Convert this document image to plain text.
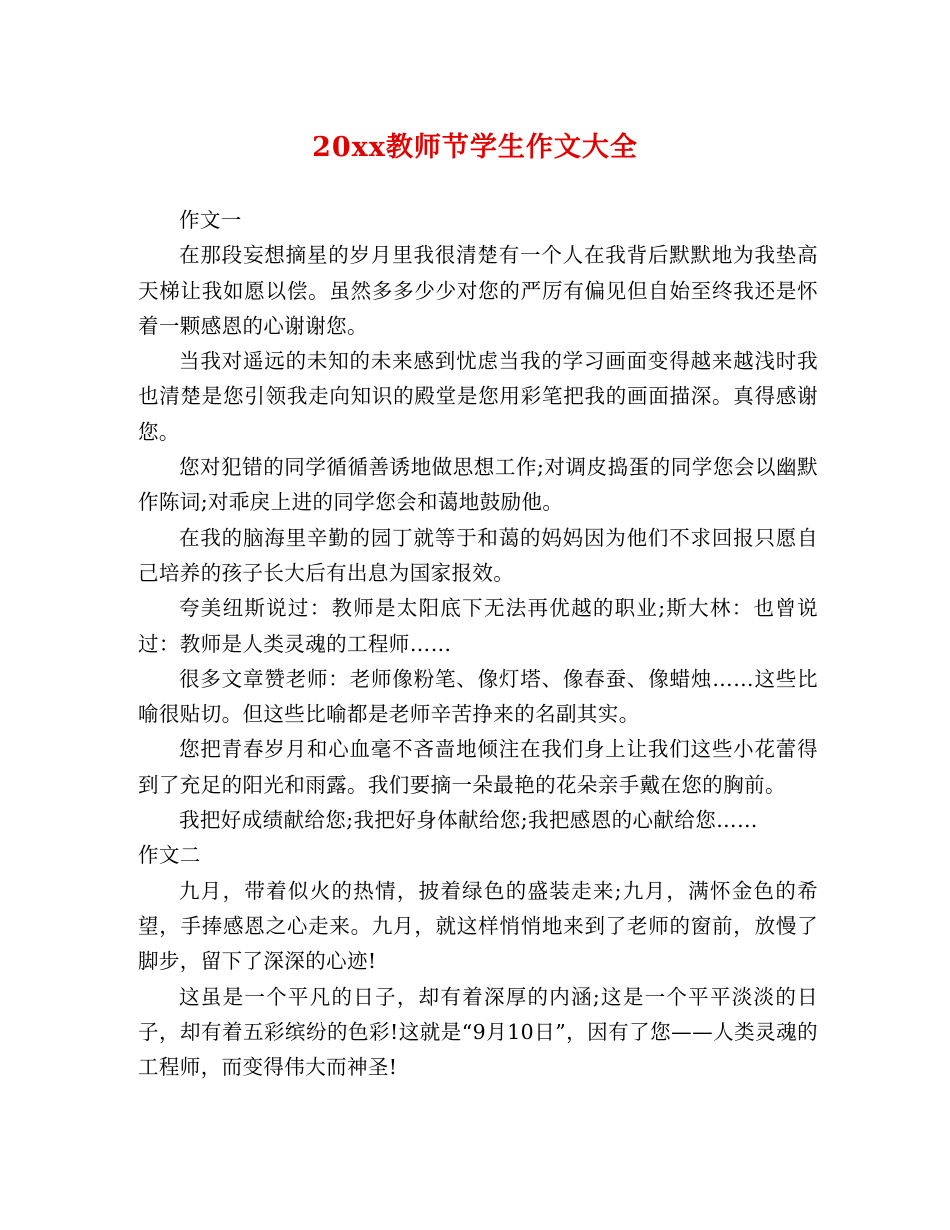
20xx教师节学生作文大全

作文一

在那段妄想摘星的岁月里我很清楚有一个人在我背后默默地为我垫高天梯让我如愿以偿。虽然多多少少对您的严厉有偏见但自始至终我还是怀着一颗感恩的心谢谢您。

当我对遥远的未知的未来感到忧虑当我的学习画面变得越来越浅时我也清楚是您引领我走向知识的殿堂是您用彩笔把我的画面描深。真得感谢您。

您对犯错的同学循循善诱地做思想工作;对调皮捣蛋的同学您会以幽默作陈词;对乖戾上进的同学您会和蔼地鼓励他。

在我的脑海里辛勤的园丁就等于和蔼的妈妈因为他们不求回报只愿自己培养的孩子长大后有出息为国家报效。

夸美纽斯说过：教师是太阳底下无法再优越的职业;斯大林：也曾说过：教师是人类灵魂的工程师……

很多文章赞老师：老师像粉笔、像灯塔、像春蚕、像蜡烛……这些比喻很贴切。但这些比喻都是老师辛苦挣来的名副其实。

您把青春岁月和心血毫不吝啬地倾注在我们身上让我们这些小花蕾得到了充足的阳光和雨露。我们要摘一朵最艳的花朵亲手戴在您的胸前。

我把好成绩献给您;我把好身体献给您;我把感恩的心献给您……

作文二

九月，带着似火的热情，披着绿色的盛装走来;九月，满怀金色的希望，手捧感恩之心走来。九月，就这样悄悄地来到了老师的窗前，放慢了脚步，留下了深深的心迹!

这虽是一个平凡的日子，却有着深厚的内涵;这是一个平平淡淡的日子，却有着五彩缤纷的色彩!这就是“9月10日”，因有了您——人类灵魂的工程师，而变得伟大而神圣!
